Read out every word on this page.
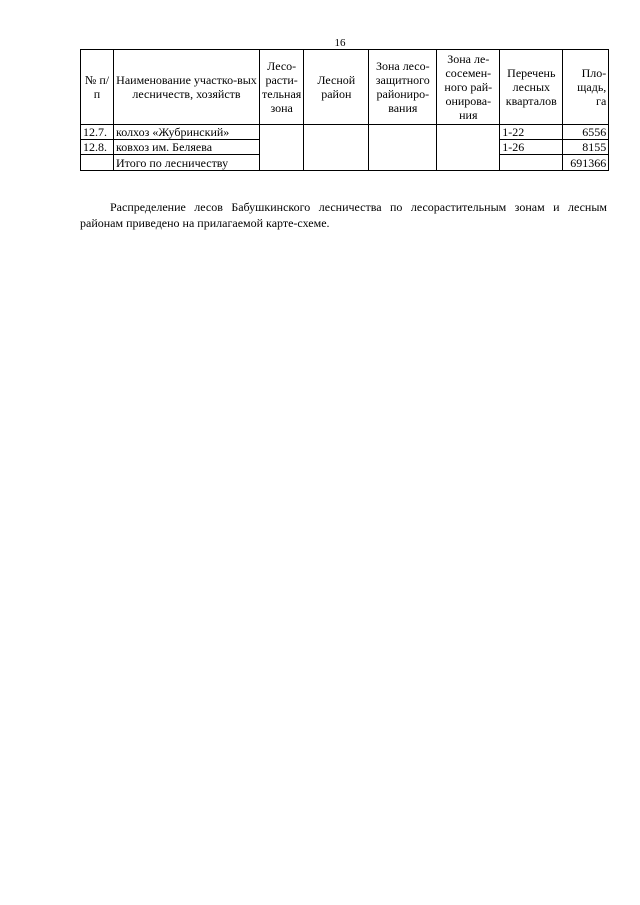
16
№ п/п	Наименование участко-вых лесничеств, хозяйств	Лесо-расти-тельная зона	Лесной район	Зона лесо-защитного райониро-вания	Зона ле-сосемен-ного рай-онирова-ния	Перечень лесных кварталов	Пло-щадь, га
12.7.	колхоз «Жубринский»					1-22	6556
12.8.	ковхоз им. Беляева					1-26	8155
	Итого по лесничеству						691366

Распределение лесов Бабушкинского лесничества по лесорастительным зонам и лесным районам приведено на прилагаемой карте-схеме.
